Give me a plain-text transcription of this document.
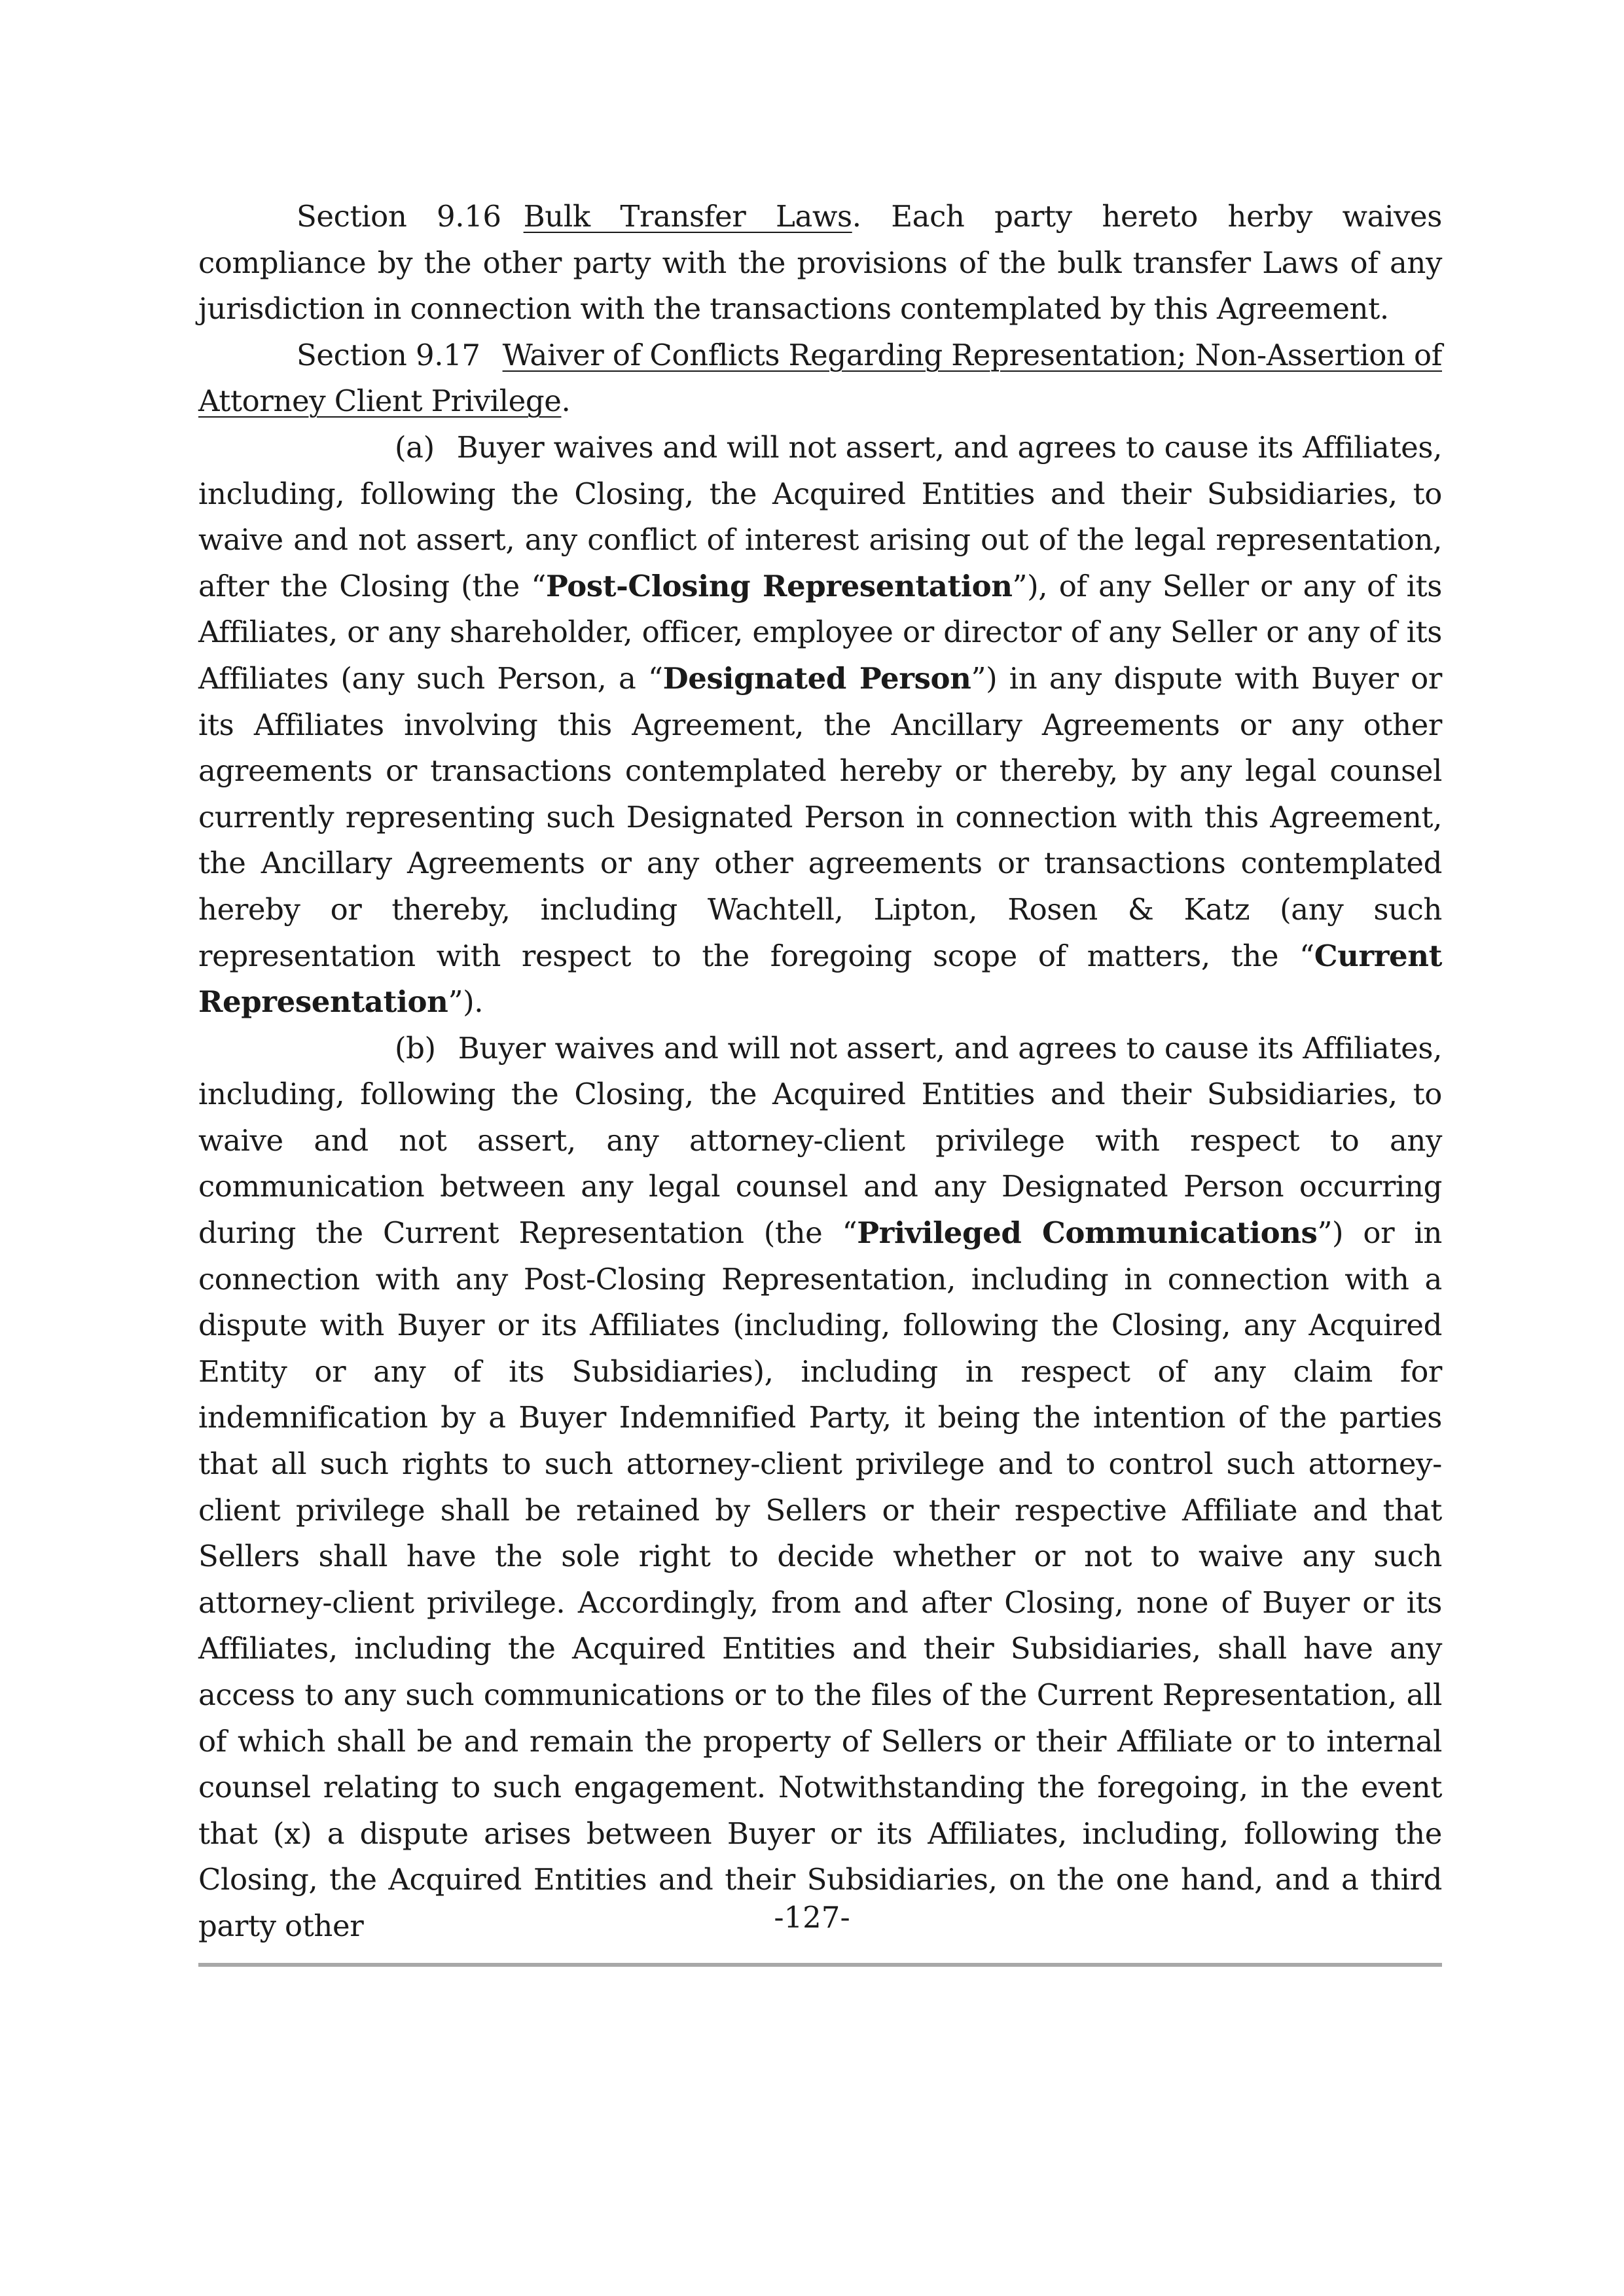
Section 9.16 Bulk Transfer Laws. Each party hereto herby waives compliance by the other party with the provisions of the bulk transfer Laws of any jurisdiction in connection with the transactions contemplated by this Agreement.

Section 9.17 Waiver of Conflicts Regarding Representation; Non-Assertion of Attorney Client Privilege.

(a) Buyer waives and will not assert, and agrees to cause its Affiliates, including, following the Closing, the Acquired Entities and their Subsidiaries, to waive and not assert, any conflict of interest arising out of the legal representation, after the Closing (the “Post-Closing Representation”), of any Seller or any of its Affiliates, or any shareholder, officer, employee or director of any Seller or any of its Affiliates (any such Person, a “Designated Person”) in any dispute with Buyer or its Affiliates involving this Agreement, the Ancillary Agreements or any other agreements or transactions contemplated hereby or thereby, by any legal counsel currently representing such Designated Person in connection with this Agreement, the Ancillary Agreements or any other agreements or transactions contemplated hereby or thereby, including Wachtell, Lipton, Rosen & Katz (any such representation with respect to the foregoing scope of matters, the “Current Representation”).

(b) Buyer waives and will not assert, and agrees to cause its Affiliates, including, following the Closing, the Acquired Entities and their Subsidiaries, to waive and not assert, any attorney-client privilege with respect to any communication between any legal counsel and any Designated Person occurring during the Current Representation (the “Privileged Communications”) or in connection with any Post-Closing Representation, including in connection with a dispute with Buyer or its Affiliates (including, following the Closing, any Acquired Entity or any of its Subsidiaries), including in respect of any claim for indemnification by a Buyer Indemnified Party, it being the intention of the parties that all such rights to such attorney-client privilege and to control such attorney-client privilege shall be retained by Sellers or their respective Affiliate and that Sellers shall have the sole right to decide whether or not to waive any such attorney-client privilege. Accordingly, from and after Closing, none of Buyer or its Affiliates, including the Acquired Entities and their Subsidiaries, shall have any access to any such communications or to the files of the Current Representation, all of which shall be and remain the property of Sellers or their Affiliate or to internal counsel relating to such engagement. Notwithstanding the foregoing, in the event that (x) a dispute arises between Buyer or its Affiliates, including, following the Closing, the Acquired Entities and their Subsidiaries, on the one hand, and a third party other	-127-
